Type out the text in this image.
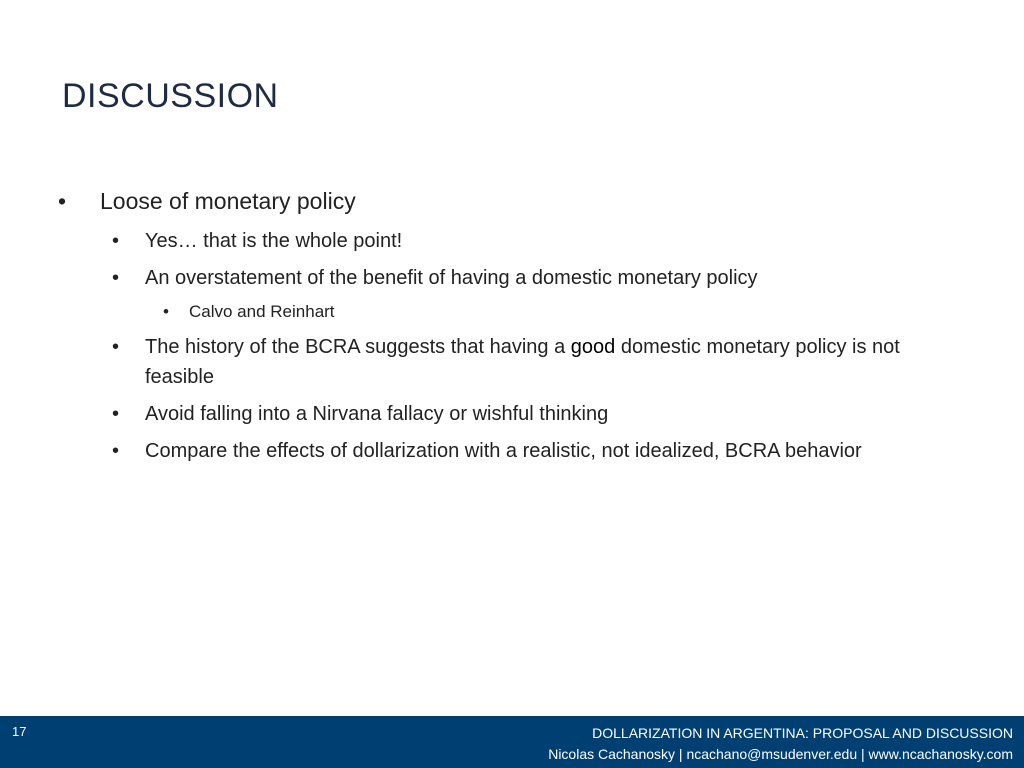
DISCUSSION
• Loose of monetary policy
• Yes… that is the whole point!
• An overstatement of the benefit of having a domestic monetary policy
• Calvo and Reinhart
• The history of the BCRA suggests that having a good domestic monetary policy is not feasible
• Avoid falling into a Nirvana fallacy or wishful thinking
• Compare the effects of dollarization with a realistic, not idealized, BCRA behavior
17	DOLLARIZATION IN ARGENTINA: PROPOSAL AND DISCUSSION
Nicolas Cachanosky | ncachano@msudenver.edu | www.ncachanosky.com
